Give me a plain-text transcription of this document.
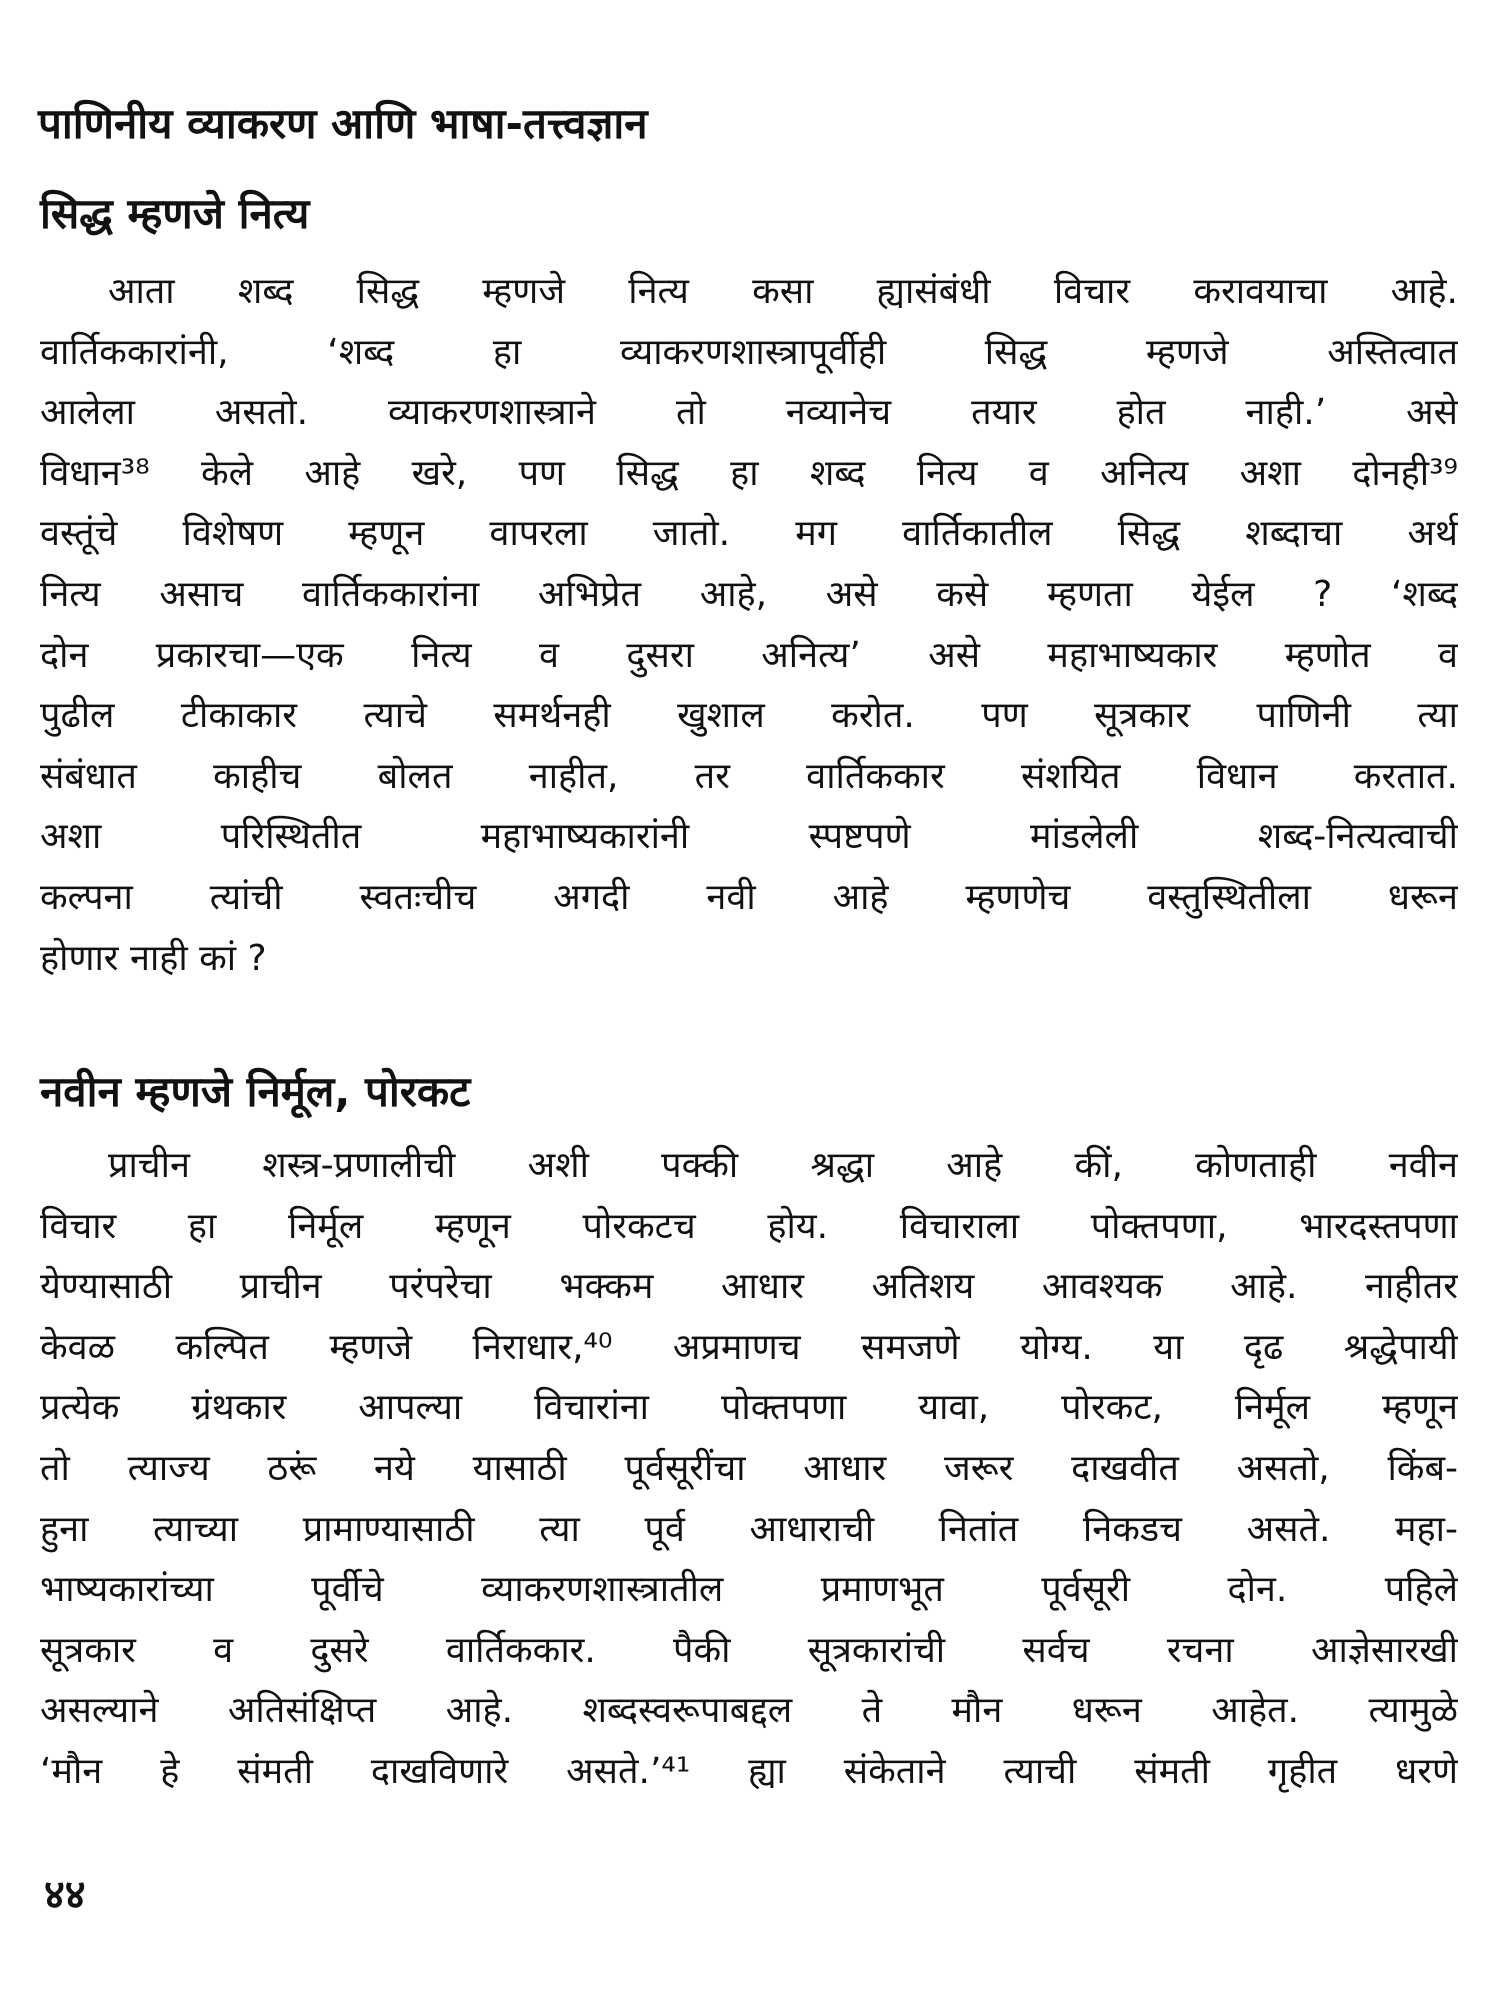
पाणिनीय व्याकरण आणि भाषा-तत्त्वज्ञान
सिद्ध म्हणजे नित्य
आता शब्द सिद्ध म्हणजे नित्य कसा ह्यासंबंधी विचार करावयाचा आहे.
वार्तिककारांनी, ‘शब्द हा व्याकरणशास्त्रापूर्वीही सिद्ध म्हणजे अस्तित्वात
आलेला असतो. व्याकरणशास्त्राने तो नव्यानेच तयार होत नाही.’ असे
विधान³⁸ केले आहे खरे, पण सिद्ध हा शब्द नित्य व अनित्य अशा दोनही³⁹
वस्तूंचे विशेषण म्हणून वापरला जातो. मग वार्तिकातील सिद्ध शब्दाचा अर्थ
नित्य असाच वार्तिककारांना अभिप्रेत आहे, असे कसे म्हणता येईल ? ‘शब्द
दोन प्रकारचा—एक नित्य व दुसरा अनित्य’ असे महाभाष्यकार म्हणोत व
पुढील टीकाकार त्याचे समर्थनही खुशाल करोत. पण सूत्रकार पाणिनी त्या
संबंधात काहीच बोलत नाहीत, तर वार्तिककार संशयित विधान करतात.
अशा परिस्थितीत महाभाष्यकारांनी स्पष्टपणे मांडलेली शब्द-नित्यत्वाची
कल्पना त्यांची स्वतःचीच अगदी नवी आहे म्हणणेच वस्तुस्थितीला धरून
होणार नाही कां ?
नवीन म्हणजे निर्मूल, पोरकट
प्राचीन शस्त्र-प्रणालीची अशी पक्की श्रद्धा आहे कीं, कोणताही नवीन
विचार हा निर्मूल म्हणून पोरकटच होय. विचाराला पोक्तपणा, भारदस्तपणा
येण्यासाठी प्राचीन परंपरेचा भक्कम आधार अतिशय आवश्यक आहे. नाहीतर
केवळ कल्पित म्हणजे निराधार,⁴⁰ अप्रमाणच समजणे योग्य. या दृढ श्रद्धेपायी
प्रत्येक ग्रंथकार आपल्या विचारांना पोक्तपणा यावा, पोरकट, निर्मूल म्हणून
तो त्याज्य ठरूं नये यासाठी पूर्वसूरींचा आधार जरूर दाखवीत असतो, किंब-
हुना त्याच्या प्रामाण्यासाठी त्या पूर्व आधाराची नितांत निकडच असते. महा-
भाष्यकारांच्या पूर्वीचे व्याकरणशास्त्रातील प्रमाणभूत पूर्वसूरी दोन. पहिले
सूत्रकार व दुसरे वार्तिककार. पैकी सूत्रकारांची सर्वच रचना आज्ञेसारखी
असल्याने अतिसंक्षिप्त आहे. शब्दस्वरूपाबद्दल ते मौन धरून आहेत. त्यामुळे
‘मौन हे संमती दाखविणारे असते.’⁴¹ ह्या संकेताने त्याची संमती गृहीत धरणे
४४
